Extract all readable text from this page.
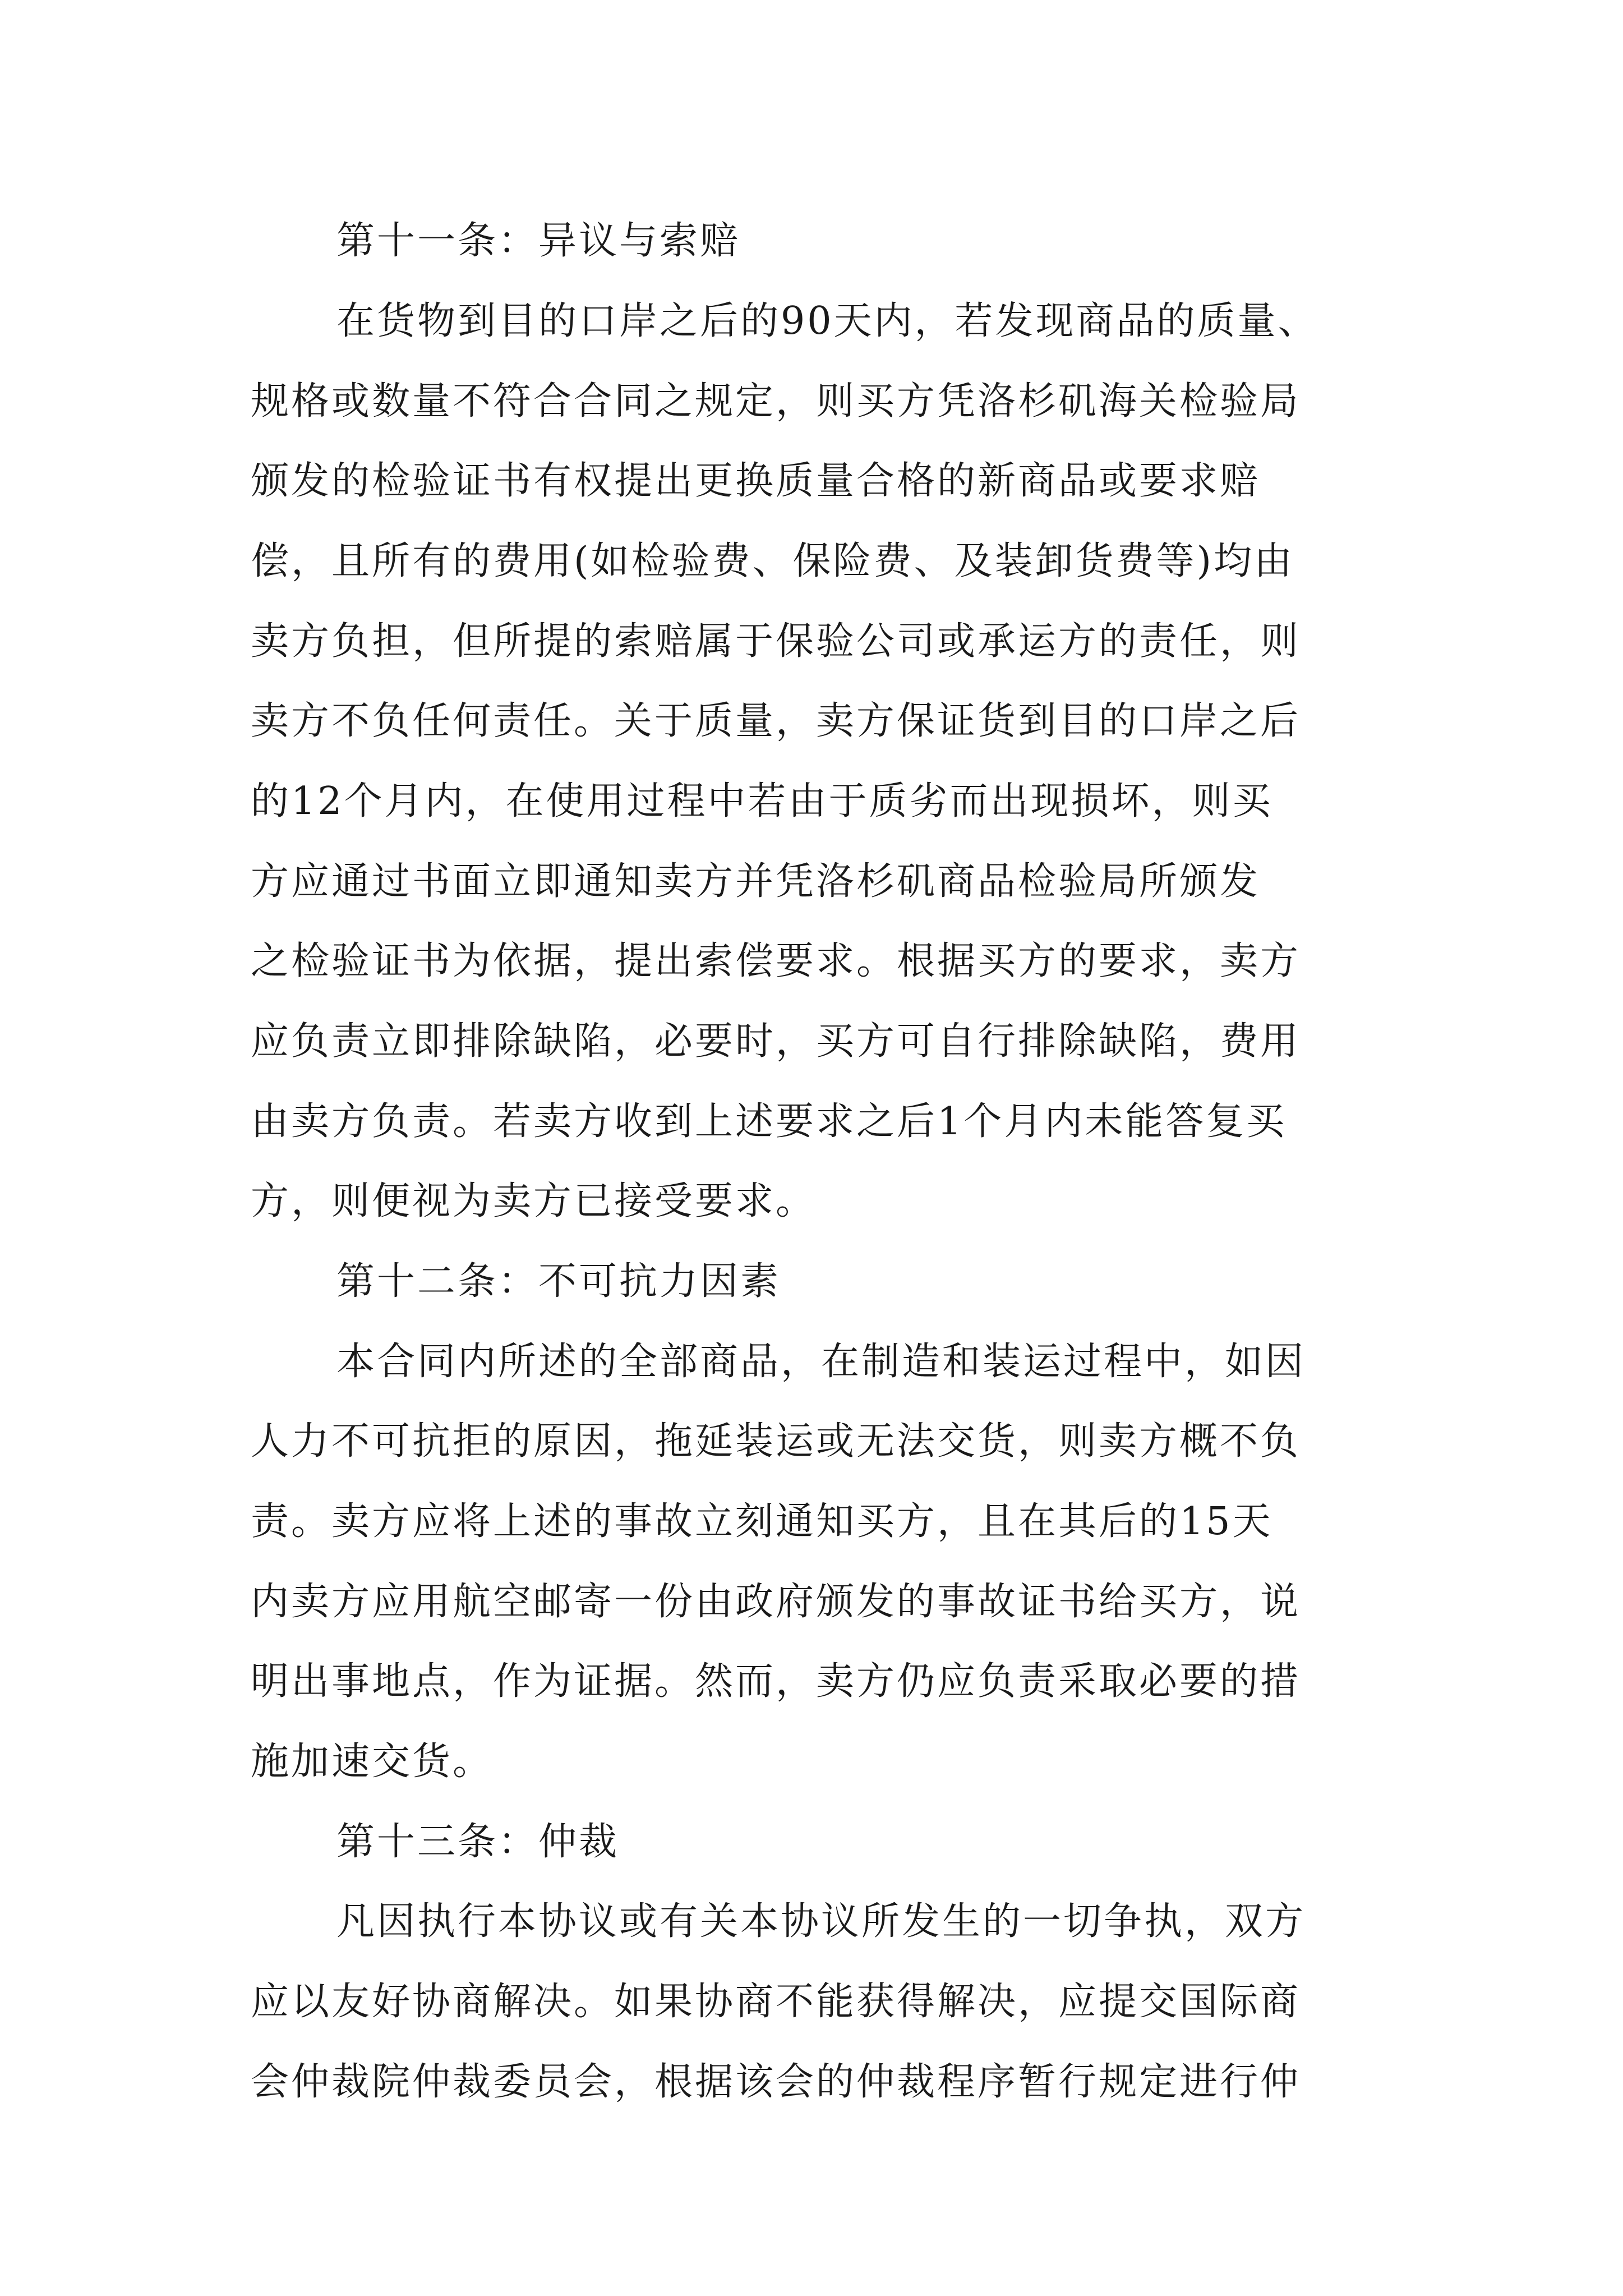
第十一条：异议与索赔
在货物到目的口岸之后的90天内，若发现商品的质量、
规格或数量不符合合同之规定，则买方凭洛杉矶海关检验局
颁发的检验证书有权提出更换质量合格的新商品或要求赔
偿，且所有的费用(如检验费、保险费、及装卸货费等)均由
卖方负担，但所提的索赔属于保验公司或承运方的责任，则
卖方不负任何责任。关于质量，卖方保证货到目的口岸之后
的12个月内，在使用过程中若由于质劣而出现损坏，则买
方应通过书面立即通知卖方并凭洛杉矶商品检验局所颁发
之检验证书为依据，提出索偿要求。根据买方的要求，卖方
应负责立即排除缺陷，必要时，买方可自行排除缺陷，费用
由卖方负责。若卖方收到上述要求之后1个月内未能答复买
方，则便视为卖方已接受要求。
第十二条：不可抗力因素
本合同内所述的全部商品，在制造和装运过程中，如因
人力不可抗拒的原因，拖延装运或无法交货，则卖方概不负
责。卖方应将上述的事故立刻通知买方，且在其后的15天
内卖方应用航空邮寄一份由政府颁发的事故证书给买方，说
明出事地点，作为证据。然而，卖方仍应负责采取必要的措
施加速交货。
第十三条：仲裁
凡因执行本协议或有关本协议所发生的一切争执，双方
应以友好协商解决。如果协商不能获得解决，应提交国际商
会仲裁院仲裁委员会，根据该会的仲裁程序暂行规定进行仲
